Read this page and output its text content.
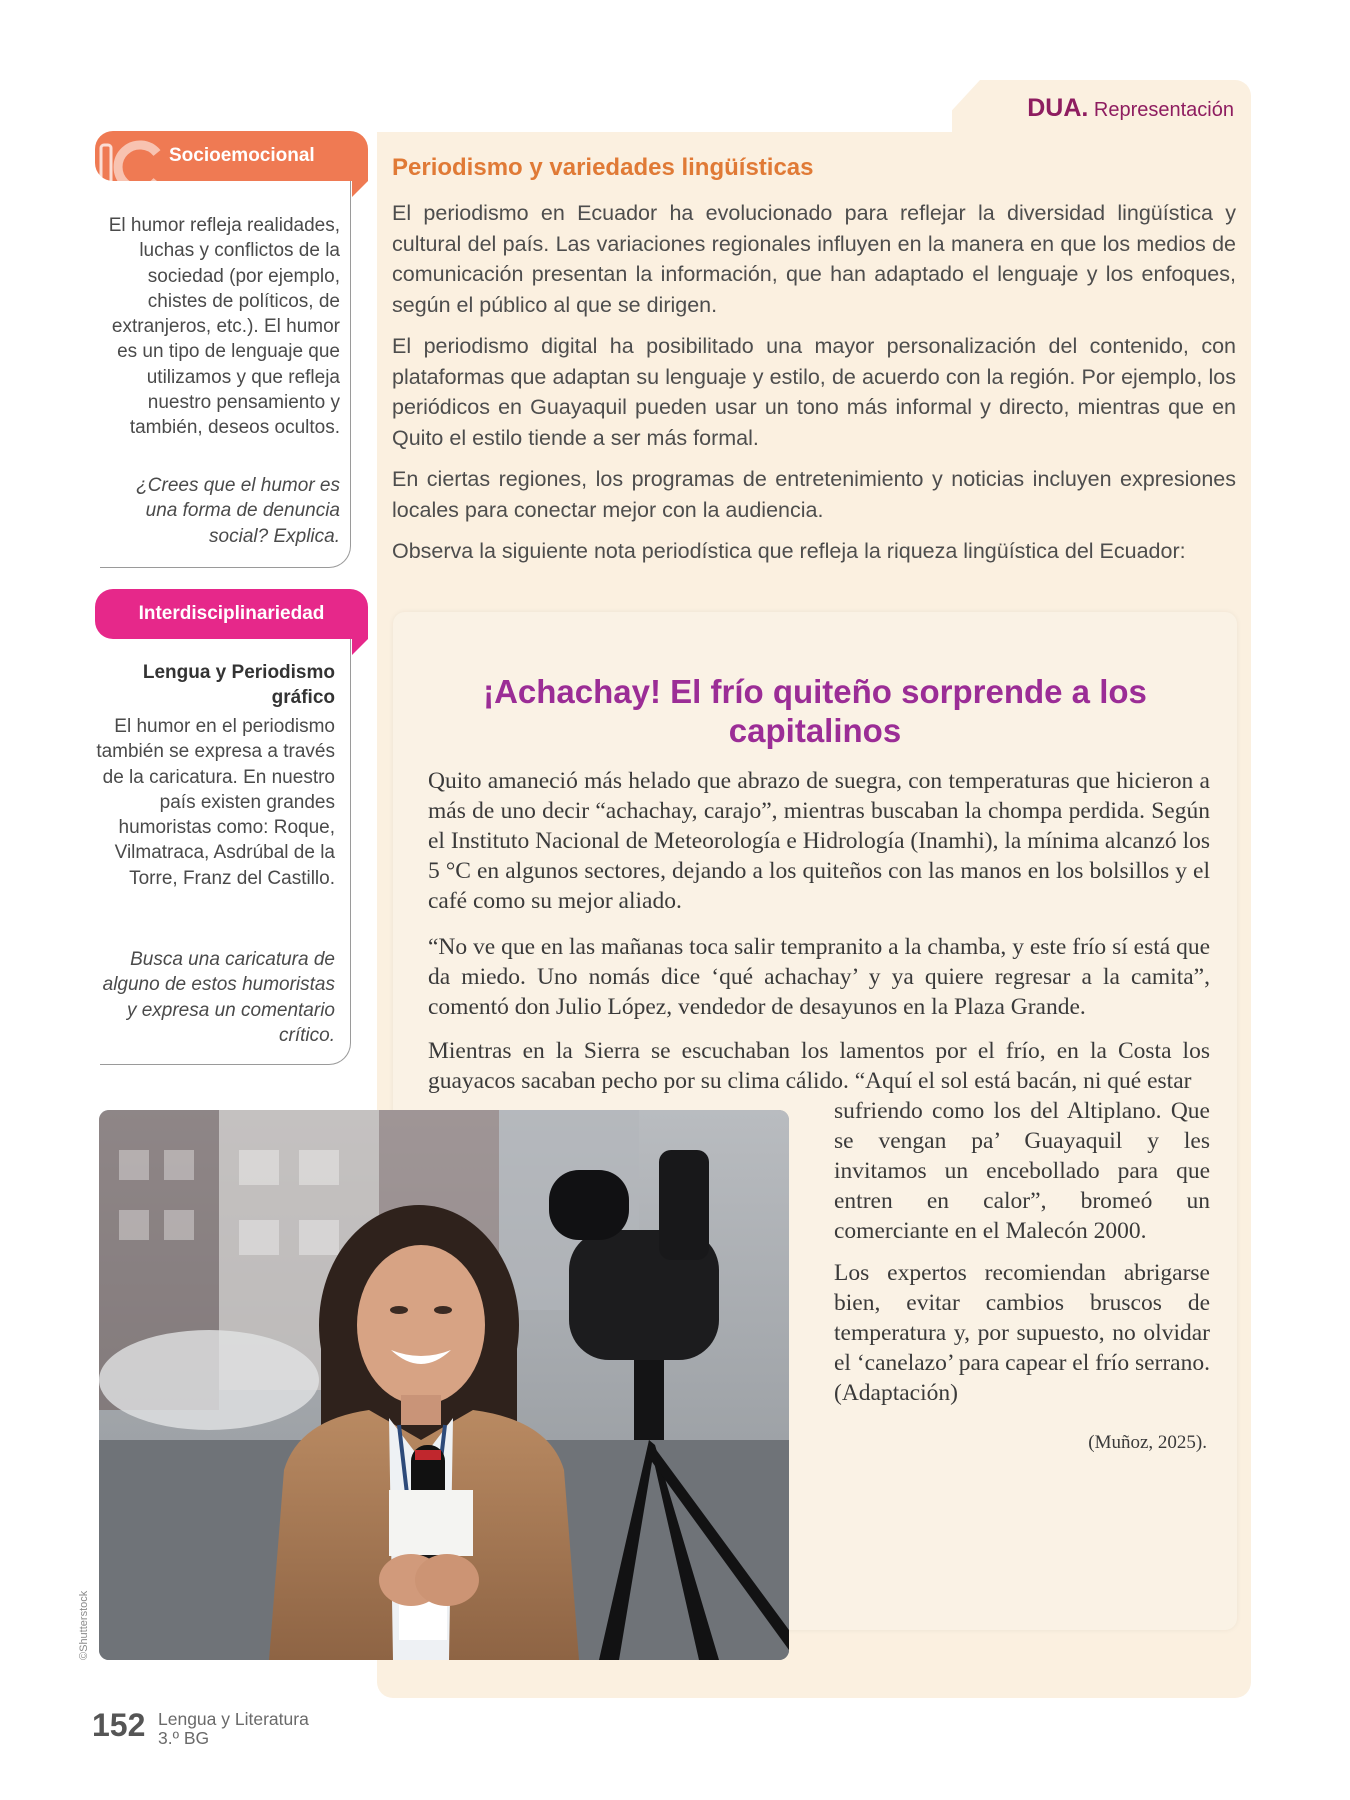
DUA. Representación
Periodismo y variedades lingüísticas

El periodismo en Ecuador ha evolucionado para reflejar la diversidad lingüística y cultural del país. Las variaciones regionales influyen en la manera en que los medios de comunicación presentan la información, que han adaptado el lenguaje y los enfoques, según el público al que se dirigen.

El periodismo digital ha posibilitado una mayor personalización del contenido, con plataformas que adaptan su lenguaje y estilo, de acuerdo con la región. Por ejemplo, los periódicos en Guayaquil pueden usar un tono más informal y directo, mientras que en Quito el estilo tiende a ser más formal.

En ciertas regiones, los programas de entretenimiento y noticias incluyen expresiones locales para conectar mejor con la audiencia.

Observa la siguiente nota periodística que refleja la riqueza lingüística del Ecuador:

¡Achachay! El frío quiteño sorprende a los capitalinos

Quito amaneció más helado que abrazo de suegra, con temperaturas que hicieron a más de uno decir “achachay, carajo”, mientras buscaban la chompa perdida. Según el Instituto Nacional de Meteorología e Hidrología (Inamhi), la mínima alcanzó los 5 °C en algunos sectores, dejando a los quiteños con las manos en los bolsillos y el café como su mejor aliado.

“No ve que en las mañanas toca salir tempranito a la chamba, y este frío sí está que da miedo. Uno nomás dice ‘qué achachay’ y ya quiere regresar a la camita”, comentó don Julio López, vendedor de desayunos en la Plaza Grande.

Mientras en la Sierra se escuchaban los lamentos por el frío, en la Costa los guayacos sacaban pecho por su clima cálido. “Aquí el sol está bacán, ni qué estar

sufriendo como los del Altiplano. Que se vengan pa’ Guayaquil y les invitamos un encebollado para que entren en calor”, bromeó un comerciante en el Malecón 2000.

Los expertos recomiendan abrigarse bien, evitar cambios bruscos de temperatura y, por supuesto, no olvidar el ‘canelazo’ para capear el frío serrano. (Adaptación)

(Muñoz, 2025).
Socioemocional

El humor refleja realidades, luchas y conflictos de la sociedad (por ejemplo, chistes de políticos, de extranjeros, etc.). El humor es un tipo de lenguaje que utilizamos y que refleja nuestro pensamiento y también, deseos ocultos.

¿Crees que el humor es una forma de denuncia social? Explica.

Interdisciplinariedad

Lengua y Periodismo gráfico

El humor en el periodismo también se expresa a través de la caricatura. En nuestro país existen grandes humoristas como: Roque, Vilmatraca, Asdrúbal de la Torre, Franz del Castillo.

Busca una caricatura de alguno de estos humoristas y expresa un comentario crítico.

©Shutterstock
152 Lengua y Literatura
3.º BG
